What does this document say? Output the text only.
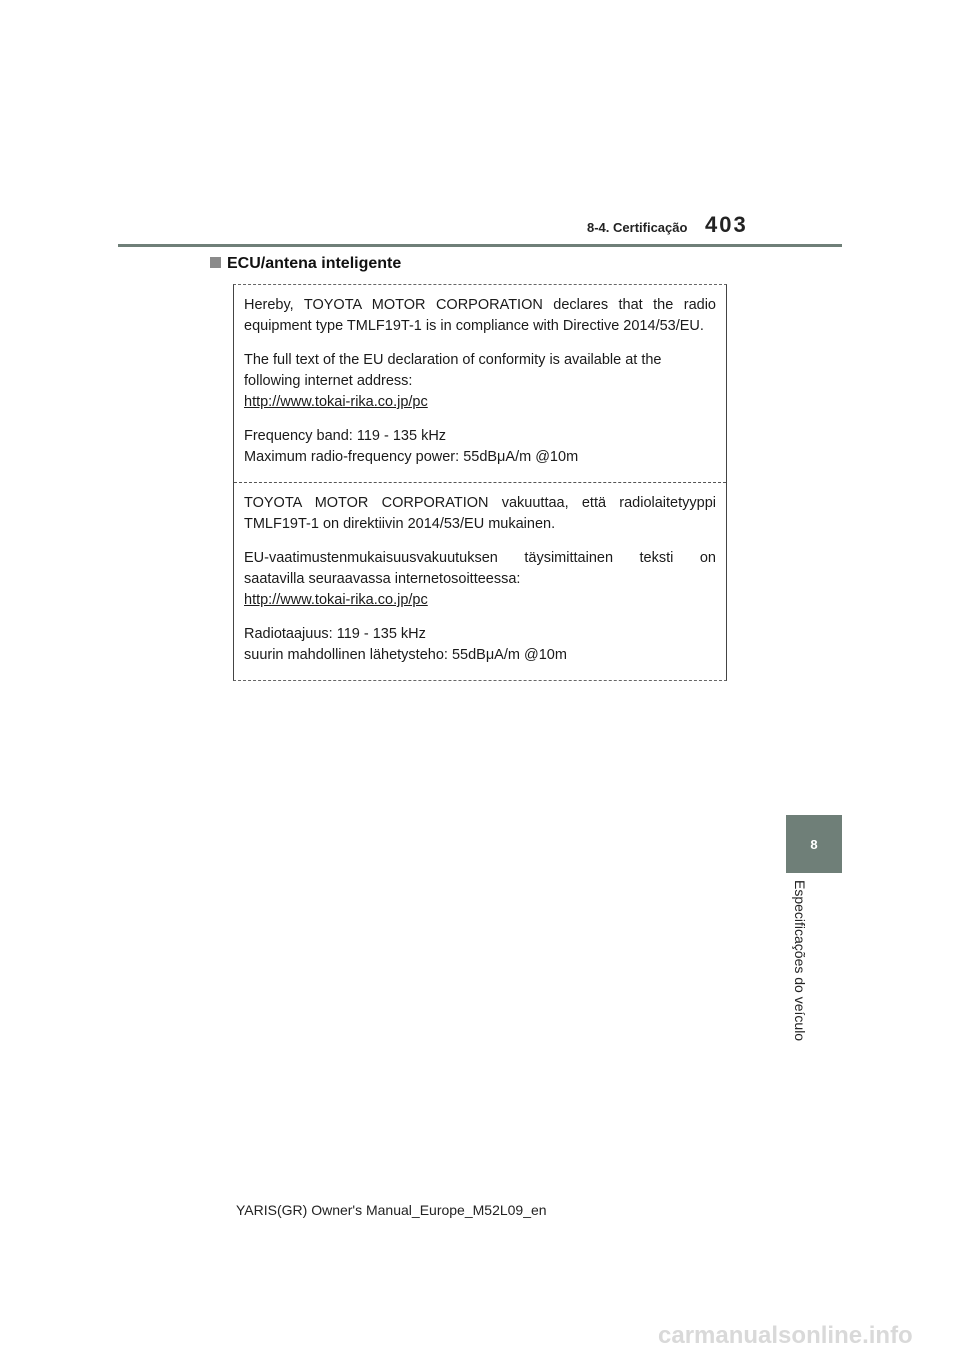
8-4. Certificação 403
ECU/antena inteligente

Hereby, TOYOTA MOTOR CORPORATION declares that the radio
equipment type TMLF19T-1 is in compliance with Directive 2014/53/EU.

The full text of the EU declaration of conformity is available at the
following internet address:
http://www.tokai-rika.co.jp/pc

Frequency band: 119 - 135 kHz
Maximum radio-frequency power: 55dBμA/m @10m

TOYOTA MOTOR CORPORATION vakuuttaa, että radiolaitetyyppi
TMLF19T-1 on direktiivin 2014/53/EU mukainen.

EU-vaatimustenmukaisuusvakuutuksen täysimittainen teksti on
saatavilla seuraavassa internetosoitteessa:
http://www.tokai-rika.co.jp/pc

Radiotaajuus: 119 - 135 kHz
suurin mahdollinen lähetysteho: 55dBμA/m @10m

8
Especificações do veículo
YARIS(GR) Owner's Manual_Europe_M52L09_en
carmanualsonline.info
